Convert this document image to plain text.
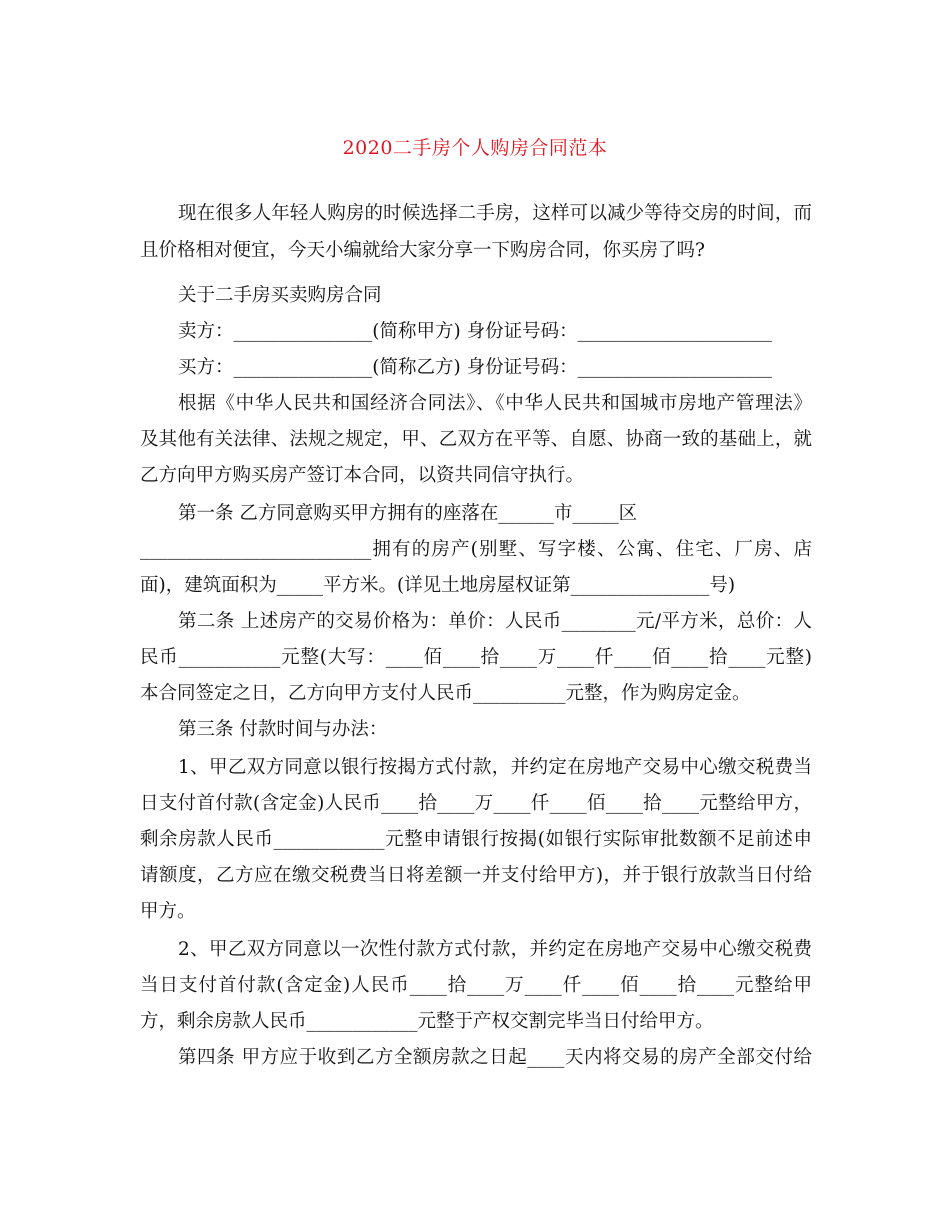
2020二手房个人购房合同范本
现在很多人年轻人购房的时候选择二手房，这样可以减少等待交房的时间，而
且价格相对便宜，今天小编就给大家分享一下购房合同，你买房了吗?
关于二手房买卖购房合同
卖方：_______________(简称甲方) 身份证号码：_____________________
买方：_______________(简称乙方) 身份证号码：_____________________
根据《中华人民共和国经济合同法》、《中华人民共和国城市房地产管理法》
及其他有关法律、法规之规定，甲、乙双方在平等、自愿、协商一致的基础上，就
乙方向甲方购买房产签订本合同，以资共同信守执行。
第一条 乙方同意购买甲方拥有的座落在______市_____区
_________________________拥有的房产(别墅、写字楼、公寓、住宅、厂房、店
面)，建筑面积为_____平方米。(详见土地房屋权证第_______________号)
第二条 上述房产的交易价格为：单价：人民币________元/平方米，总价：人
民币___________元整(大写：____佰____拾____万____仟____佰____拾____元整)
本合同签定之日，乙方向甲方支付人民币__________元整，作为购房定金。
第三条 付款时间与办法：
1、甲乙双方同意以银行按揭方式付款，并约定在房地产交易中心缴交税费当
日支付首付款(含定金)人民币____拾____万____仟____佰____拾____元整给甲方，
剩余房款人民币____________元整申请银行按揭(如银行实际审批数额不足前述申
请额度，乙方应在缴交税费当日将差额一并支付给甲方)，并于银行放款当日付给
甲方。
2、甲乙双方同意以一次性付款方式付款，并约定在房地产交易中心缴交税费
当日支付首付款(含定金)人民币____拾____万____仟____佰____拾____元整给甲
方，剩余房款人民币____________元整于产权交割完毕当日付给甲方。
第四条 甲方应于收到乙方全额房款之日起____天内将交易的房产全部交付给
